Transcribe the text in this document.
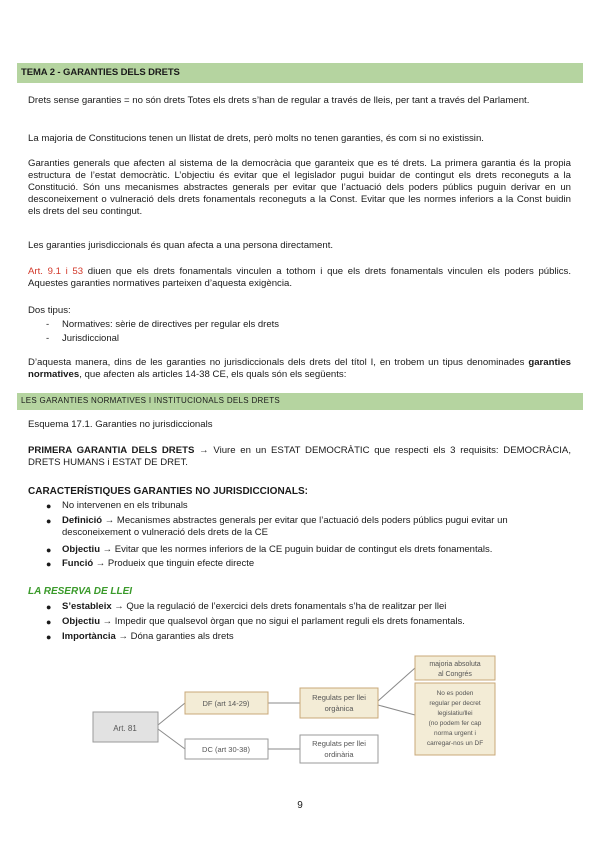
TEMA 2 - GARANTIES DELS DRETS

Drets sense garanties = no són drets Totes els drets s’han de regular a través de lleis, per tant a través del Parlament.

La majoria de Constitucions tenen un llistat de drets, però molts no tenen garanties, és com si no existissin.

Garanties generals que afecten al sistema de la democràcia que garanteix que es té drets. La primera garantia és la propia estructura de l’estat democràtic. L’objectiu és evitar que el legislador pugui buidar de contingut els drets reconeguts a la Constitució. Són uns mecanismes abstractes generals per evitar que l’actuació dels poders públics puguin derivar en un desconeixement o vulneració dels drets fonamentals reconeguts a la Const. Evitar que les normes inferiors a la Const buidin els drets del seu contingut.

Les garanties jurisdiccionals és quan afecta a una persona directament.

Art. 9.1 i 53 diuen que els drets fonamentals vinculen a tothom i que els drets fonamentals vinculen els poders públics. Aquestes garanties normatives parteixen d’aquesta exigència.

Dos tipus:

- Normatives: sèrie de directives per regular els drets
- Jurisdiccional

D’aquesta manera, dins de les garanties no jurisdiccionals dels drets del títol I, en trobem un tipus denominades garanties normatives, que afecten als articles 14-38 CE, els quals són els següents:

LES GARANTIES NORMATIVES I INSTITUCIONALS DELS DRETS

Esquema 17.1. Garanties no jurisdiccionals

PRIMERA GARANTIA DELS DRETS → Viure en un ESTAT DEMOCRÀTIC que respecti els 3 requisits: DEMOCRÀCIA, DRETS HUMANS i ESTAT DE DRET.

CARACTERÍSTIQUES GARANTIES NO JURISDICCIONALS:
● No intervenen en els tribunals
● Definició → Mecanismes abstractes generals per evitar que l’actuació dels poders públics pugui evitar un desconeixement o vulneració dels drets de la CE
● Objectiu → Evitar que les normes inferiors de la CE puguin buidar de contingut els drets fonamentals.
● Funció → Produeix que tinguin efecte directe
LA RESERVA DE LLEI
● S’estableix → Que la regulació de l’exercici dels drets fonamentals s’ha de realitzar per llei
● Objectiu → Impedir que qualsevol òrgan que no sigui el parlament reguli els drets fonamentals.
● Importància → Dóna garanties als drets
Art. 81
DF (art 14-29)
DC (art 30-38)
Regulats per llei
orgànica
Regulats per llei
ordinària
majoria absoluta
al Congrés
No es poden
regular per decret
legislatiu/llei
(no podem fer cap
norma urgent i
carregar-nos un DF
9
